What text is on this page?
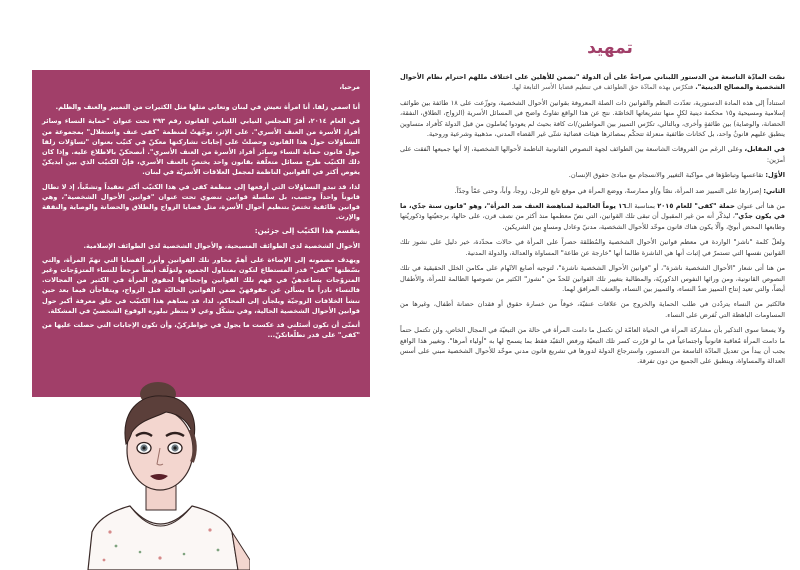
تمهيد

نصّت المادّة التاسعة من الدستور اللبناني صراحةً على أن الدولة "تضمن للأهلين على اختلاف مللهم احترام نظام الأحوال الشخصية والمصالح الدينية". فتكرّس بهذه المادّة حق الطوائف في تنظيم قضايا الأسر التابعة لها.

استناداً إلى هذه المادة الدستورية، تعدّدت النظم والقوانين ذات الصلة المعروفة بقوانين الأحوال الشخصية، وتوزّعت على ١٨ طائفة بين طوائف إسلامية ومسيحية و١٥ محكمة دينية لكلٍ منها تشريعاتها الخاصّة. نتج عن هذا الواقع تفاوتٌ واضح في المسائل الأسرية (الزواج، الطلاق، النفقة، الحضانة، والوصاية) بين طائفةٍ وأخرى، وبالتالي، تكرّس التمييز بين المواطنين/ات كافة بحيث لم يعودوا يُعاملون من قبل الدولة كأفراد متساوين ينطبق عليهم قانونٌ واحد، بل كخانات طائفية منعزلة تتحكّم بمصائرها هيئات قضائية شتّى غير القضاء المدني، مذهبية وشرعية وروحية.

في المقابل، وعلى الرغم من الفروقات الشاسعة بين الطوائف لجهة النصوص القانونية الناظمة لأحوالها الشخصية، إلا أنها جميعها اتّفقت على أمرَين:

الأوّل: تقاعسها وتباطؤها في مواكبة التغيير والانسجام مع مبادئ حقوق الإنسان.

الثاني: إصرارها على التمييز ضد المرأة، نصّاً و/أو ممارسةً، ووضع المرأة في موقع تابع للرجل، زوجاً، وأباً، وحتى عمّاً وجدّاً.

من هنا أتى عنوان حملة "كفى" للعام ٢٠١٥ بمناسبة الـ١٦ يوماً العالمية لمناهضة العنف ضد المرأة"، وهو "قانون سنة جدّي، ما في يكون جدّي"، ليذكّر أنه من غير المقبول أن تبقى تلك القوانين، التي نصّ معظمها منذ أكثر من نصف قرن، على حالها، برجعيّتها وذكوريّتها وطابعها المحض أبويّ، وألّا يكون هناك قانون موحّد للأحوال الشخصية، مدنيّ وعادل ومساوٍ بين الشريكين.

ولعلّ كلمة "ناشز" الواردة في معظم قوانين الأحوال الشخصية والمُطلقة حصراً على المرأة في حالات محدّدة، خير دليل على نشوز تلك القوانين نفسها التي تستمرّ في إثبات أنها هي الناشزة طالما أنها "خارجة عن طاعة" المساواة والعدالة، والدولة المدنية.

من هنا أتى شعار "الأحوال الشخصية ناشزة"، أو "قوانين الأحوال الشخصية ناشزة"، لتوجيه أصابع الاتّهام على مكامن الخلل الحقيقية في تلك النصوص القانونية، ومن ورائها النفوس الذكوريّة، والمطالبة بتغيير تلك القوانين للحدّ من "نشوز" الكثير من نصوصها الظالمة للمرأة، والأطفال أيضاً، والتي تعيد إنتاج التمييز ضدّ النساء، والتمييز بين النساء، والعنف المرافق لهما.

فالكثير من النساء يتردّدن في طلب الحماية والخروج من علاقات عنفيّة، خوفاً من خسارة حقوق أو فقدان حضانة أطفال، وغيرها من المساومات الباهظة التي تُفرض على النساء.

ولا يسعنا سوى التذكير بأن مشاركة المرأة في الحياة العامّة لن تكتمل ما دامت المرأة في حالة من التبعيّة في المجال الخاص، ولن تكتمل حتماً ما دامت المرأة مُعاقبة قانونياً واجتماعياً في ما لو قرّرت كسر تلك التبعيّة ورفض التقيّد فقط بما يسمح لها به "أولياء أمرها". وتغيير هذا الواقع يجب أن يبدأ من تعديل المادّة التاسعة من الدستور، واسترجاع الدولة لدورها في تشريع قانون مدني موحّد للأحوال الشخصية مبني على أسس العدالة والمساواة، وينطبق على الجميع من دون تفرقة.

مرحبا،

أنا اسمي زلفا. أنا امرأة تعيش في لبنان وتعاني مثلها مثل الكثيرات من التمييز والعنف والظلم.

في العام ٢٠١٤، أقرّ المجلس النيابي اللبناني القانون رقم ٢٩٣ تحت عنوان "حماية النساء وسائر أفراد الأسرة من العنف الأسري". على الإثر، توجّهتُ لمنظمة "كفى عنف واستغلال" بمجموعة من التساؤلات حول هذا القانون وحصلتُ على إجابات تشاركتها معكنّ في كتيّب بعنوان "تساؤلات زلفا حول قانون حماية النساء وسائر أفراد الأسرة من العنف الأسري". أنصحكنّ بالاطلاع عليه. وإذا كان ذلك الكتيّب طرح مسائل متعلّقة بقانون واحد يختصّ بالعنف الأسري، فإنّ الكتيّب الذي بين أيديكنّ يغوص أكثر في القوانين الناظمة لمجمل العلاقات الأسريّة في لبنان.

لذا، قد تبدو التساؤلات التي أرفعها إلى منظمة كفى في هذا الكتيّب أكثر تعقيداً وتشعّباً، إذ لا تطال قانوناً واحداً وحسب، بل سلسلة قوانين تنضوي تحت عنوان "قوانين الأحوال الشخصية"، وهي قوانين طائفية تختصّ بتنظيم أحوال الأسرة، مثل قضايا الزواج والطلاق والحضانة والوصاية والنفقة والإرث.

ينقسم هذا الكتيّب إلى جزئين:

الأحوال الشخصية لدى الطوائف المسيحية، والأحوال الشخصية لدى الطوائف الإسلامية.

ويهدف مضمونه إلى الإضاءة على أهمّ محاور تلك القوانين وأبرز القضايا التي تهمّ المرأة، والتي بسّطتها "كفى" قدر المستطاع لتكون بمتناول الجميع، ولتؤلّف أيضاً مرجعاً للنساء المتزوّجات وغير المتزوّجات يساعدهنّ في فهم تلك القوانين وإجحافها لحقوق المرأة في الكثير من المجالات. فالنساء نادراً ما يسألن عن حقوقهنّ ضمن القوانين الحاليّة قبل الزواج، ويتفاجأن فيما بعد حين تنشأ الخلافات الزوجيّة ويلجأن إلى المحاكم. لذا، قد يساهم هذا الكتيّب في خلق معرفة أكبر حول قوانين الأحوال الشخصية الحالية، وفي تشكّل وعي لا ينتظر تبلوره الوقوع الشخصيّ في المشكلة.

أتمنّى أن تكون أسئلتي قد عكست ما يجول في خواطركنّ، وأن تكون الإجابات التي حصلت عليها من "كفى" على قدر تطلّعاتكنّ...
